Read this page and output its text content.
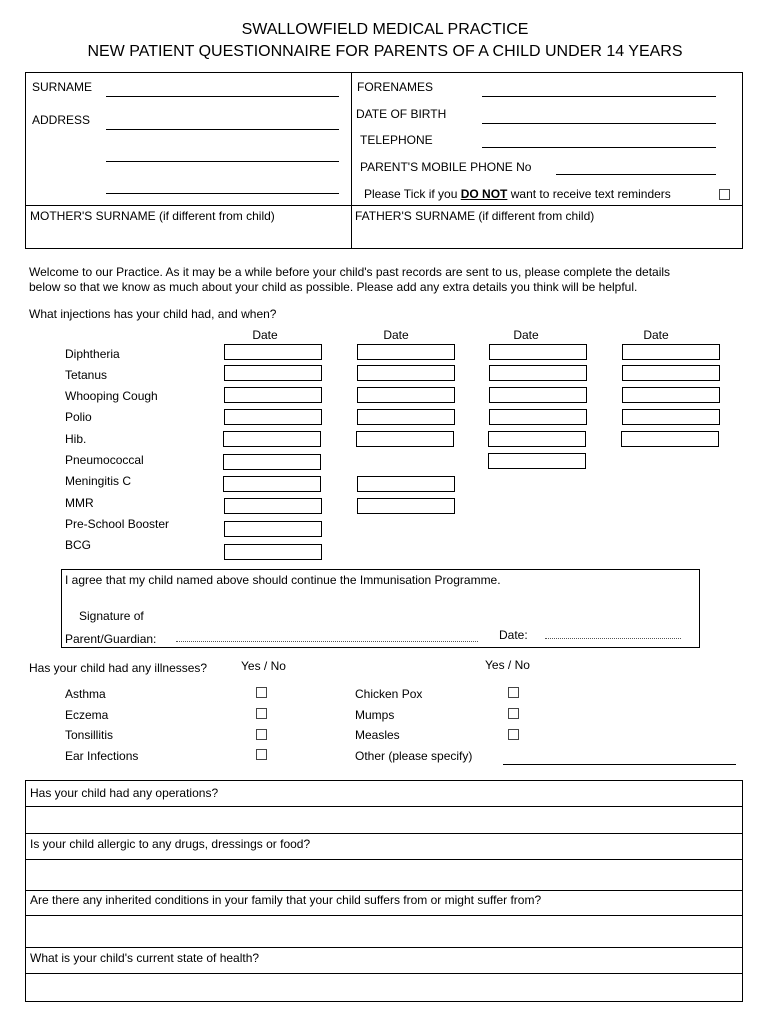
SWALLOWFIELD MEDICAL PRACTICE
NEW PATIENT QUESTIONNAIRE FOR PARENTS OF A CHILD UNDER 14 YEARS
SURNAME
ADDRESS
FORENAMES
DATE OF BIRTH
TELEPHONE
PARENT'S MOBILE PHONE No
Please Tick if you DO NOT want to receive text reminders
MOTHER'S SURNAME (if different from child)	FATHER'S SURNAME (if different from child)
Welcome to our Practice. As it may be a while before your child's past records are sent to us, please complete the details
below so that we know as much about your child as possible. Please add any extra details you think will be helpful.
What injections has your child had, and when?
Date	Date	Date	Date
Diphtheria
Tetanus
Whooping Cough
Polio
Hib.
Pneumococcal
Meningitis C
MMR
Pre-School Booster
BCG
I agree that my child named above should continue the Immunisation Programme.
Signature of
Parent/Guardian:	Date:
Has your child had any illnesses?	Yes / No	Yes / No
Asthma
Eczema
Tonsillitis
Ear Infections
Chicken Pox
Mumps
Measles
Other (please specify)
Has your child had any operations?
Is your child allergic to any drugs, dressings or food?
Are there any inherited conditions in your family that your child suffers from or might suffer from?
What is your child's current state of health?
